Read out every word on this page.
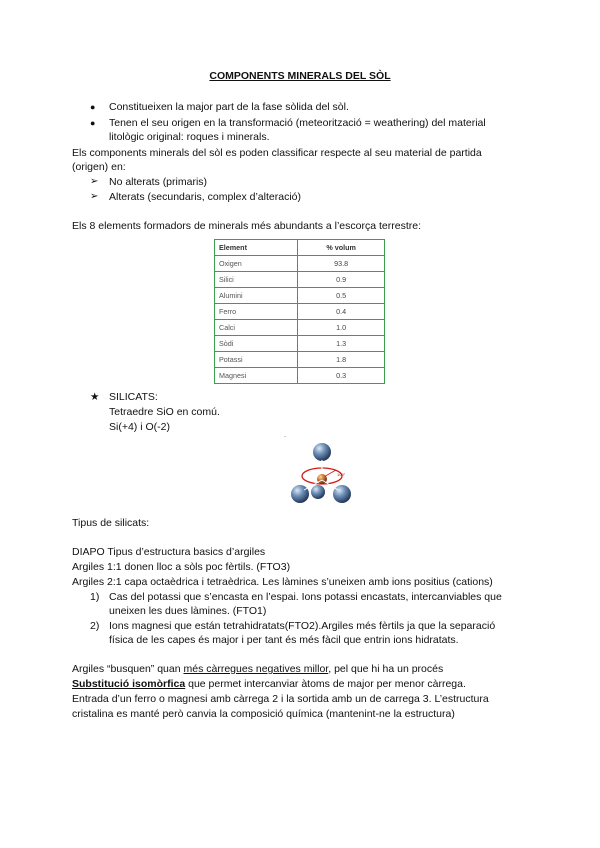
COMPONENTS MINERALS DEL SÒL
● Constitueixen la major part de la fase sòlida del sòl.
● Tenen el seu origen en la transformació (meteorització = weathering) del material
litològic original: roques i minerals.
Els components minerals del sòl es poden classificar respecte al seu material de partida
(origen) en:
➢ No alterats (primaris)
➢ Alterats (secundaris, complex d’alteració)
Els 8 elements formadors de minerals més abundants a l’escorça terrestre:
Element	% volum
Oxigen	93.8
Silici	0.9
Alumini	0.5
Ferro	0.4
Calci	1.0
Sòdi	1.3
Potassi	1.8
Magnesi	0.3
★ SILICATS:
Tetraedre SiO en comú.
Si(+4) i O(-2)
~
109°
Tipus de silicats:
DIAPO Tipus d’estructura basics d’argiles
Argiles 1:1 donen lloc a sòls poc fèrtils. (FTO3)
Argiles 2:1 capa octaèdrica i tetraèdrica. Les làmines s’uneixen amb ions positius (cations)
1) Cas del potassi que s’encasta en l’espai. Ions potassi encastats, intercanviables que
uneixen les dues làmines. (FTO1)
2) Ions magnesi que están tetrahidratats(FTO2).Argiles més fèrtils ja que la separació
física de les capes és major i per tant és més fàcil que entrin ions hidratats.
Argiles “busquen” quan més càrregues negatives millor, pel que hi ha un procés
Substitució isomòrfica que permet intercanviar àtoms de major per menor càrrega.
Entrada d’un ferro o magnesi amb càrrega 2 i la sortida amb un de carrega 3. L’estructura
cristalina es manté però canvia la composició química (mantenint-ne la estructura)
